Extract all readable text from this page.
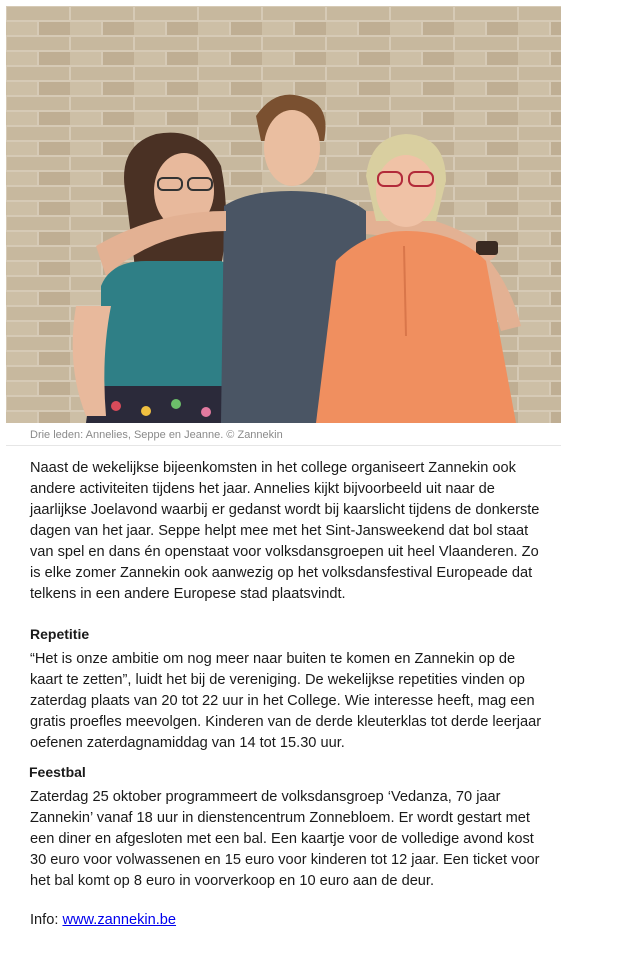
Drie leden: Annelies, Seppe en Jeanne. © Zannekin

Naast de wekelijkse bijeenkomsten in het college organiseert Zannekin ook andere activiteiten tijdens het jaar. Annelies kijkt bijvoorbeeld uit naar de jaarlijkse Joelavond waarbij er gedanst wordt bij kaarslicht tijdens de donkerste dagen van het jaar. Seppe helpt mee met het Sint-Jansweekend dat bol staat van spel en dans én openstaat voor volksdansgroepen uit heel Vlaanderen. Zo is elke zomer Zannekin ook aanwezig op het volksdansfestival Europeade dat telkens in een andere Europese stad plaatsvindt.

Repetitie

“Het is onze ambitie om nog meer naar buiten te komen en Zannekin op de kaart te zetten”, luidt het bij de vereniging. De wekelijkse repetities vinden op zaterdag plaats van 20 tot 22 uur in het College. Wie interesse heeft, mag een gratis proefles meevolgen. Kinderen van de derde kleuterklas tot derde leerjaar oefenen zaterdagnamiddag van 14 tot 15.30 uur.

Feestbal

Zaterdag 25 oktober programmeert de volksdansgroep ‘Vedanza, 70 jaar Zannekin’ vanaf 18 uur in dienstencentrum Zonnebloem. Er wordt gestart met een diner en afgesloten met een bal. Een kaartje voor de volledige avond kost 30 euro voor volwassenen en 15 euro voor kinderen tot 12 jaar. Een ticket voor het bal komt op 8 euro in voorverkoop en 10 euro aan de deur.

Info: www.zannekin.be
